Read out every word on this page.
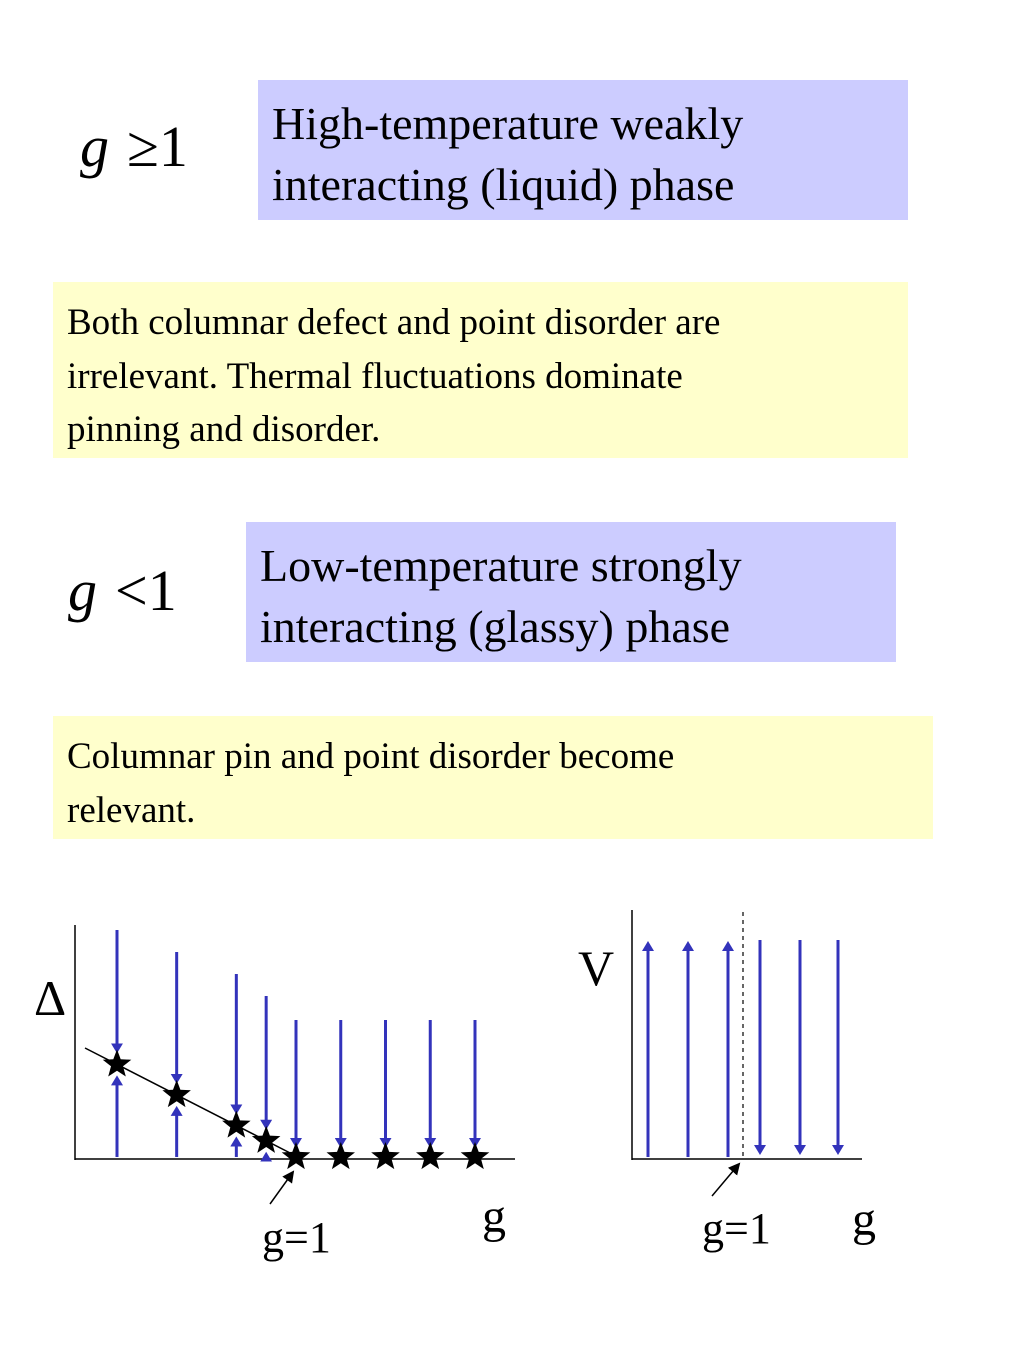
g ≥1 High-temperature weakly
interacting (liquid) phase
Both columnar defect and point disorder are
irrelevant. Thermal fluctuations dominate
pinning and disorder.
g <1 Low-temperature strongly
interacting (glassy) phase
Columnar pin and point disorder become
relevant.
Δ
g
g=1
V
g
g=1
